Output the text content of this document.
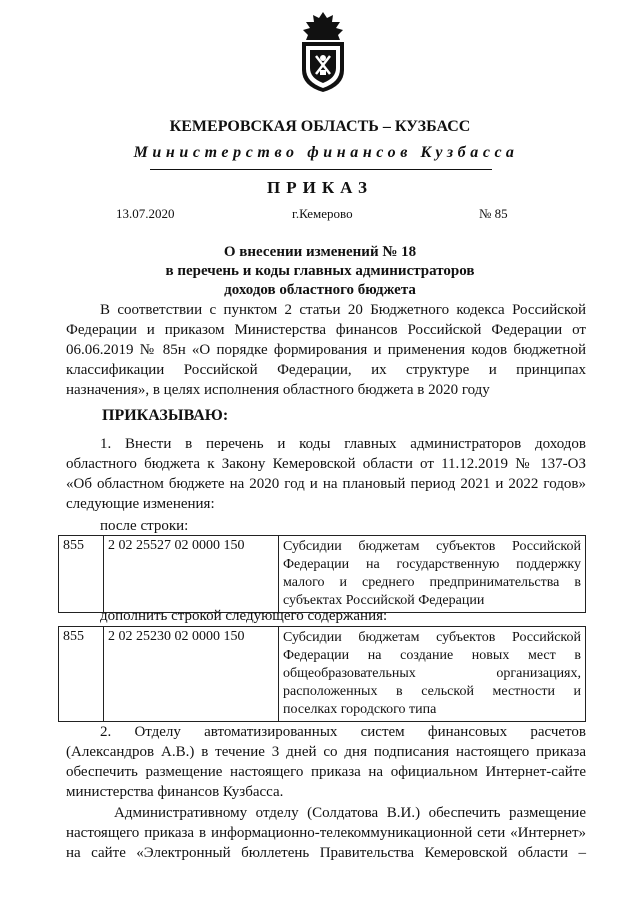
КЕМЕРОВСКАЯ ОБЛАСТЬ – КУЗБАСС
Министерство финансов Кузбасса
ПРИКАЗ
13.07.2020	г.Кемерово	№ 85
О внесении изменений № 18
в перечень и коды главных администраторов
доходов областного бюджета
В соответствии с пунктом 2 статьи 20 Бюджетного кодекса Российской
Федерации и приказом Министерства финансов Российской Федерации от
06.06.2019 № 85н «О порядке формирования и применения кодов бюджетной
классификации Российской Федерации, их структуре и принципах
назначения», в целях исполнения областного бюджета в 2020 году
ПРИКАЗЫВАЮ:
1. Внести в перечень и коды главных администраторов доходов
областного бюджета к Закону Кемеровской области от 11.12.2019 № 137-ОЗ
«Об областном бюджете на 2020 год и на плановый период 2021 и 2022 годов»
следующие изменения:
после строки:
855	2 02 25527 02 0000 150	Субсидии бюджетам субъектов Российской
Федерации на государственную поддержку
малого и среднего предпринимательства в
субъектах Российской Федерации
дополнить строкой следующего содержания:
855	2 02 25230 02 0000 150	Субсидии бюджетам субъектов Российской
Федерации на создание новых мест в
общеобразовательных организациях,
расположенных в сельской местности и
поселках городского типа
2. Отделу автоматизированных систем финансовых расчетов
(Александров А.В.) в течение 3 дней со дня подписания настоящего приказа
обеспечить размещение настоящего приказа на официальном Интернет-сайте
министерства финансов Кузбасса.
Административному отделу (Солдатова В.И.) обеспечить размещение
настоящего приказа в информационно-телекоммуникационной сети «Интернет»
на сайте «Электронный бюллетень Правительства Кемеровской области –
